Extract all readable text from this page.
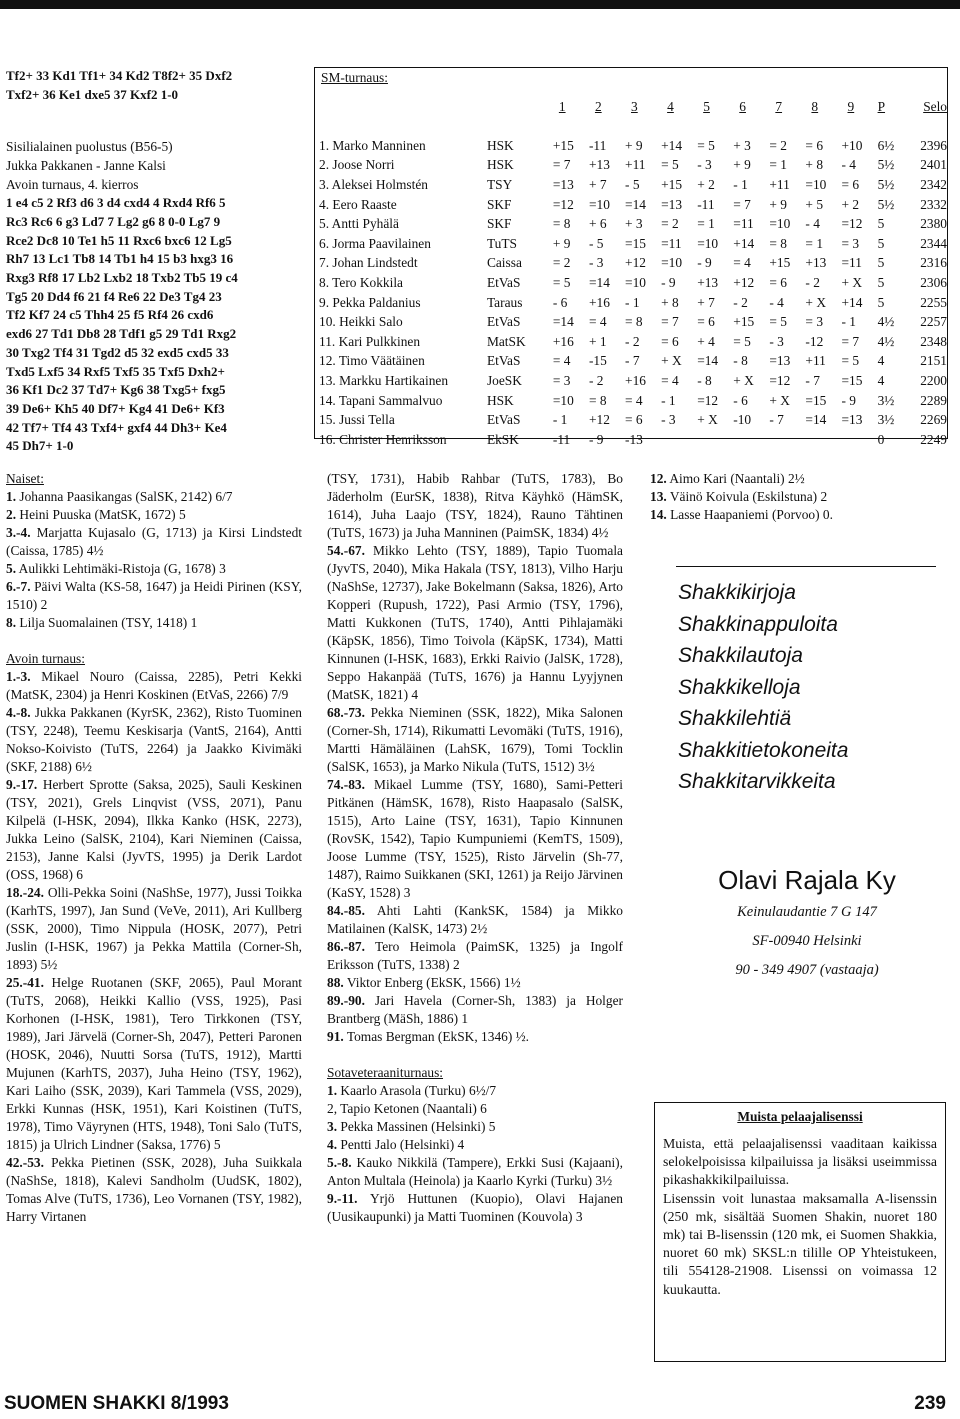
Tf2+ 33 Kd1 Tf1+ 34 Kd2 T8f2+ 35 Dxf2

Txf2+ 36 Ke1 dxe5 37 Kxf2 1-0

Sisilialainen puolustus (B56-5)

Jukka Pakkanen - Janne Kalsi

Avoin turnaus, 4. kierros

1 e4 c5 2 Rf3 d6 3 d4 cxd4 4 Rxd4 Rf6 5

Rc3 Rc6 6 g3 Ld7 7 Lg2 g6 8 0-0 Lg7 9

Rce2 Dc8 10 Te1 h5 11 Rxc6 bxc6 12 Lg5

Rh7 13 Lc1 Tb8 14 Tb1 h4 15 b3 hxg3 16

Rxg3 Rf8 17 Lb2 Lxb2 18 Txb2 Tb5 19 c4

Tg5 20 Dd4 f6 21 f4 Re6 22 De3 Tg4 23

Tf2 Kf7 24 c5 Thh4 25 f5 Rf4 26 cxd6

exd6 27 Td1 Db8 28 Tdf1 g5 29 Td1 Rxg2

30 Txg2 Tf4 31 Tgd2 d5 32 exd5 cxd5 33

Txd5 Lxf5 34 Rxf5 Txf5 35 Txf5 Dxh2+

36 Kf1 Dc2 37 Td7+ Kg6 38 Txg5+ fxg5

39 De6+ Kh5 40 Df7+ Kg4 41 De6+ Kf3

42 Tf7+ Tf4 43 Txf4+ gxf4 44 Dh3+ Ke4

45 Dh7+ 1-0

SM-turnaus:
		1	2	3	4	5	6	7	8	9	P	Selo

1. Marko Manninen	HSK	+15	-11	+ 9	+14	= 5	+ 3	= 2	= 6	+10	6½	2396
2. Joose Norri	HSK	= 7	+13	+11	= 5	- 3	+ 9	= 1	+ 8	- 4	5½	2401
3. Aleksei Holmstén	TSY	=13	+ 7	- 5	+15	+ 2	- 1	+11	=10	= 6	5½	2342
4. Eero Raaste	SKF	=12	=10	=14	=13	-11	= 7	+ 9	+ 5	+ 2	5½	2332
5. Antti Pyhälä	SKF	= 8	+ 6	+ 3	= 2	= 1	=11	=10	- 4	=12	5	2380
6. Jorma Paavilainen	TuTS	+ 9	- 5	=15	=11	=10	+14	= 8	= 1	= 3	5	2344
7. Johan Lindstedt	Caissa	= 2	- 3	+12	=10	- 9	= 4	+15	+13	=11	5	2316
8. Tero Kokkila	EtVaS	= 5	=14	=10	- 9	+13	+12	= 6	- 2	+ X	5	2306
9. Pekka Paldanius	Taraus	- 6	+16	- 1	+ 8	+ 7	- 2	- 4	+ X	+14	5	2255
10. Heikki Salo	EtVaS	=14	= 4	= 8	= 7	= 6	+15	= 5	= 3	- 1	4½	2257
11. Kari Pulkkinen	MatSK	+16	+ 1	- 2	= 6	+ 4	= 5	- 3	-12	= 7	4½	2348
12. Timo Väätäinen	EtVaS	= 4	-15	- 7	+ X	=14	- 8	=13	+11	= 5	4	2151
13. Markku Hartikainen	JoeSK	= 3	- 2	+16	= 4	- 8	+ X	=12	- 7	=15	4	2200
14. Tapani Sammalvuo	HSK	=10	= 8	= 4	- 1	=12	- 6	+ X	=15	- 9	3½	2289
15. Jussi Tella	EtVaS	- 1	+12	= 6	- 3	+ X	-10	- 7	=14	=13	3½	2269
16. Christer Henriksson	EkSK	-11	- 9	-13							0	2249

Naiset:

1. Johanna Paasikangas (SalSK, 2142) 6/7

2. Heini Puuska (MatSK, 1672) 5

3.-4. Marjatta Kujasalo (G, 1713) ja Kirsi Lindstedt (Caissa, 1785) 4½

5. Aulikki Lehtimäki-Ristoja (G, 1678) 3

6.-7. Päivi Walta (KS-58, 1647) ja Heidi Pirinen (KSY, 1510) 2

8. Lilja Suomalainen (TSY, 1418) 1

Avoin turnaus:

1.-3. Mikael Nouro (Caissa, 2285), Petri Kekki (MatSK, 2304) ja Henri Koskinen (EtVaS, 2266) 7/9

4.-8. Jukka Pakkanen (KyrSK, 2362), Risto Tuominen (TSY, 2248), Teemu Keskisarja (VantS, 2164), Antti Nokso-Koivisto (TuTS, 2264) ja Jaakko Kivimäki (SKF, 2188) 6½

9.-17. Herbert Sprotte (Saksa, 2025), Sauli Keskinen (TSY, 2021), Grels Linqvist (VSS, 2071), Panu Kilpelä (I-HSK, 2094), Ilkka Kanko (HSK, 2273), Jukka Leino (SalSK, 2104), Kari Nieminen (Caissa, 2153), Janne Kalsi (JyvTS, 1995) ja Derik Lardot (OSS, 1968) 6

18.-24. Olli-Pekka Soini (NaShSe, 1977), Jussi Toikka (KarhTS, 1997), Jan Sund (VeVe, 2011), Ari Kullberg (SSK, 2000), Timo Nippula (HOSK, 2077), Petri Juslin (I-HSK, 1967) ja Pekka Mattila (Corner-Sh, 1893) 5½

25.-41. Helge Ruotanen (SKF, 2065), Paul Morant (TuTS, 2068), Heikki Kallio (VSS, 1925), Pasi Korhonen (I-HSK, 1981), Tero Tirkkonen (TSY, 1989), Jari Järvelä (Corner-Sh, 2047), Petteri Paronen (HOSK, 2046), Nuutti Sorsa (TuTS, 1912), Martti Mujunen (KarhTS, 2037), Juha Heino (TSY, 1962), Kari Laiho (SSK, 2039), Kari Tammela (VSS, 2029), Erkki Kunnas (HSK, 1951), Kari Koistinen (TuTS, 1978), Timo Väyrynen (HTS, 1948), Toni Salo (TuTS, 1815) ja Ulrich Lindner (Saksa, 1776) 5

42.-53. Pekka Pietinen (SSK, 2028), Juha Suikkala (NaShSe, 1818), Kalevi Sandholm (UudSK, 1802), Tomas Alve (TuTS, 1736), Leo Vornanen (TSY, 1982), Harry Virtanen

(TSY, 1731), Habib Rahbar (TuTS, 1783), Bo Jäderholm (EurSK, 1838), Ritva Käyhkö (HämSK, 1614), Juha Laajo (TSY, 1824), Rauno Tähtinen (TuTS, 1673) ja Juha Manninen (PaimSK, 1834) 4½

54.-67. Mikko Lehto (TSY, 1889), Tapio Tuomala (JyvTS, 2040), Mika Hakala (TSY, 1813), Vilho Harju (NaShSe, 12737), Jake Bokelmann (Saksa, 1826), Arto Kopperi (Rupush, 1722), Pasi Armio (TSY, 1796), Matti Kukkonen (TuTS, 1740), Antti Pihlajamäki (KäpSK, 1856), Timo Toivola (KäpSK, 1734), Matti Kinnunen (I-HSK, 1683), Erkki Raivio (JalSK, 1728), Seppo Hakanpää (TuTS, 1676) ja Hannu Lyyjynen (MatSK, 1821) 4

68.-73. Pekka Nieminen (SSK, 1822), Mika Salonen (Corner-Sh, 1714), Rikumatti Levomäki (TuTS, 1916), Martti Hämäläinen (LahSK, 1679), Tomi Tocklin (SalSK, 1653), ja Marko Nikula (TuTS, 1512) 3½

74.-83. Mikael Lumme (TSY, 1680), Sami-Petteri Pitkänen (HämSK, 1678), Risto Haapasalo (SalSK, 1515), Arto Laine (TSY, 1631), Tapio Kinnunen (RovSK, 1542), Tapio Kumpuniemi (KemTS, 1509), Joose Lumme (TSY, 1525), Risto Järvelin (Sh-77, 1487), Raimo Suikkanen (SKI, 1261) ja Reijo Järvinen (KaSY, 1528) 3

84.-85. Ahti Lahti (KankSK, 1584) ja Mikko Matilainen (KalSK, 1473) 2½

86.-87. Tero Heimola (PaimSK, 1325) ja Ingolf Eriksson (TuTS, 1338) 2

88. Viktor Enberg (EkSK, 1566) 1½

89.-90. Jari Havela (Corner-Sh, 1383) ja Holger Brantberg (MäSh, 1886) 1

91. Tomas Bergman (EkSK, 1346) ½.

Sotaveteraaniturnaus:

1. Kaarlo Arasola (Turku) 6½/7

2, Tapio Ketonen (Naantali) 6

3. Pekka Massinen (Helsinki) 5

4. Pentti Jalo (Helsinki) 4

5.-8. Kauko Nikkilä (Tampere), Erkki Susi (Kajaani), Anton Multala (Heinola) ja Kaarlo Kyrki (Turku) 3½

9.-11. Yrjö Huttunen (Kuopio), Olavi Hajanen (Uusikaupunki) ja Matti Tuominen (Kouvola) 3

12. Aimo Kari (Naantali) 2½

13. Väinö Koivula (Eskilstuna) 2

14. Lasse Haapaniemi (Porvoo) 0.

Shakkikirjoja
Shakkinappuloita
Shakkilautoja
Shakkikelloja
Shakkilehtiä
Shakkitietokoneita
Shakkitarvikkeita
Olavi Rajala Ky
Keinulaudantie 7 G 147
SF-00940 Helsinki
90 - 349 4907 (vastaaja)
Muista pelaajalisenssi

Muista, että pelaajalisenssi vaaditaan kaikissa selokelpoisissa kilpailuissa ja lisäksi useimmissa pikashakkikilpailuissa.

Lisenssin voit lunastaa maksamalla A-lisenssin (250 mk, sisältää Suomen Shakin, nuoret 180 mk) tai B-lisenssin (120 mk, ei Suomen Shakkia, nuoret 60 mk) SKSL:n tilille OP Yhteistukeen, tili 554128-21908. Lisenssi on voimassa 12 kuukautta.

SUOMEN SHAKKI 8/1993	239
